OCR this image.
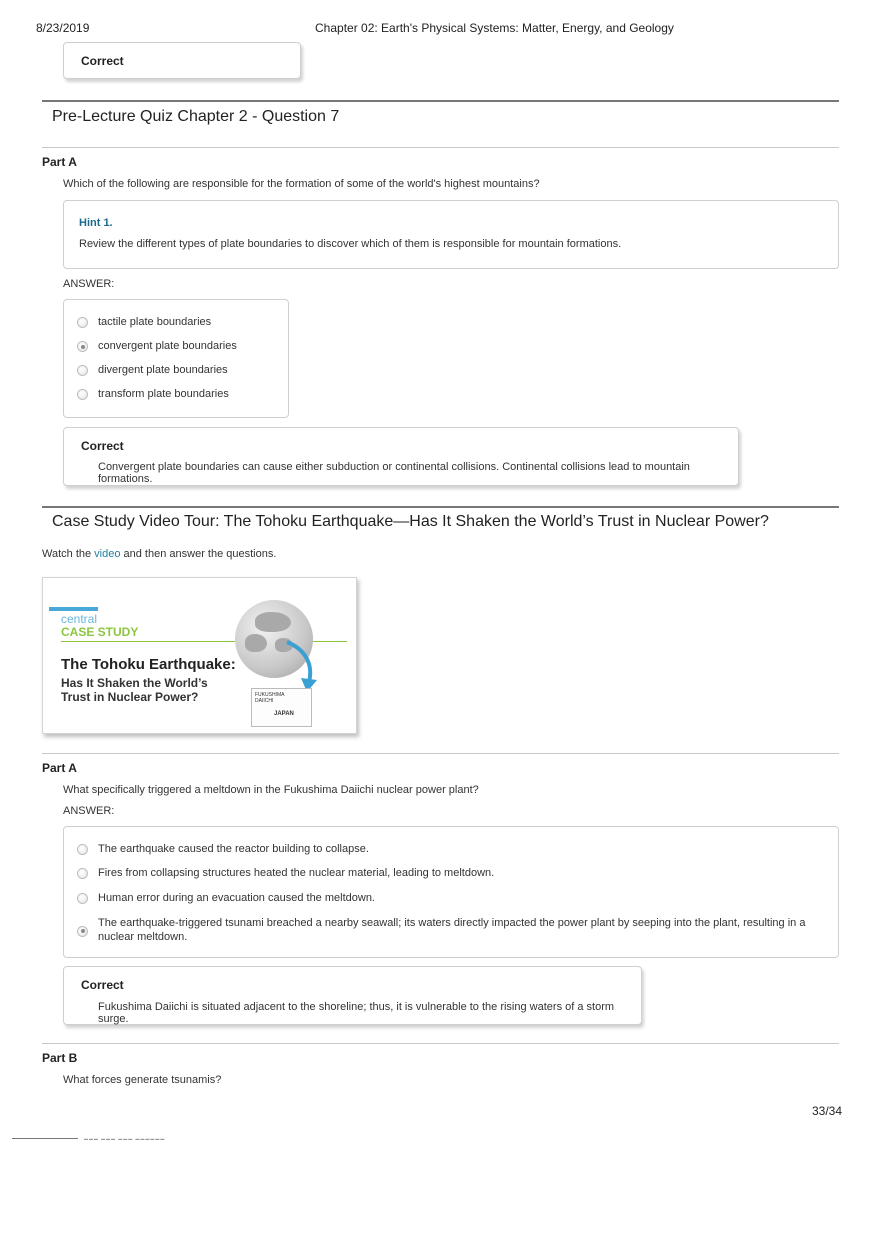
8/23/2019	Chapter 02: Earth's Physical Systems: Matter, Energy, and Geology
Correct
Pre-Lecture Quiz Chapter 2 - Question 7
Part A
Which of the following are responsible for the formation of some of the world's highest mountains?
Hint 1.
Review the different types of plate boundaries to discover which of them is responsible for mountain formations.
ANSWER:
tactile plate boundaries
convergent plate boundaries
divergent plate boundaries
transform plate boundaries
Correct
Convergent plate boundaries can cause either subduction or continental collisions. Continental collisions lead to mountain formations.
Case Study Video Tour: The Tohoku Earthquake—Has It Shaken the World’s Trust in Nuclear Power?
Watch the video and then answer the questions.
central
CASE STUDY
The Tohoku Earthquake:
Has It Shaken the World’s Trust in Nuclear Power?	FUKUSHIMA DAIICHI
JAPAN
Part A
What specifically triggered a meltdown in the Fukushima Daiichi nuclear power plant?
ANSWER:
The earthquake caused the reactor building to collapse.
Fires from collapsing structures heated the nuclear material, leading to meltdown.
Human error during an evacuation caused the meltdown.
The earthquake-triggered tsunami breached a nearby seawall; its waters directly impacted the power plant by seeping into the plant, resulting in a nuclear meltdown.
Correct
Fukushima Daiichi is situated adjacent to the shoreline; thus, it is vulnerable to the rising waters of a storm surge.
Part B
What forces generate tsunamis?
33/34
▬▬▬ ▬▬▬ ▬▬▬ ▬▬▬▬▬▬
